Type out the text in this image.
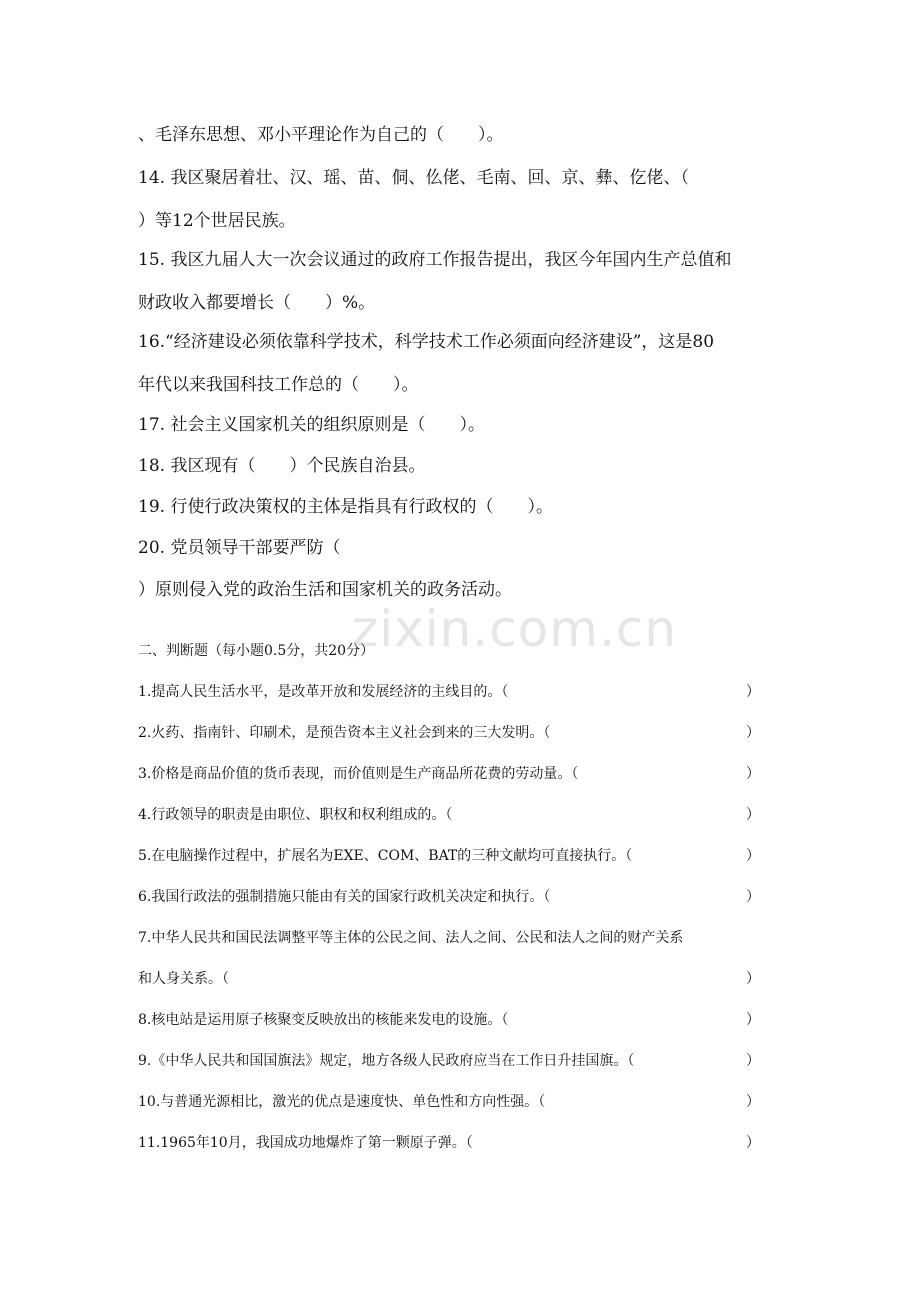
zixin.com.cn
、毛泽东思想、邓小平理论作为自己的（　　）。
14. 我区聚居着壮、汉、瑶、苗、侗、仫佬、毛南、回、京、彝、仡佬、（
）等12个世居民族。
15. 我区九届人大一次会议通过的政府工作报告提出，我区今年国内生产总值和
财政收入都要增长（　　）%。
16.“经济建设必须依靠科学技术，科学技术工作必须面向经济建设”，这是80
年代以来我国科技工作总的（　　）。
17. 社会主义国家机关的组织原则是（　　）。
18. 我区现有（　　）个民族自治县。
19. 行使行政决策权的主体是指具有行政权的（　　）。
20. 党员领导干部要严防（
）原则侵入党的政治生活和国家机关的政务活动。
二、判断题（每小题0.5分，共20分）
1.提高人民生活水平，是改革开放和发展经济的主线目的。（	）
2.火药、指南针、印刷术，是预告资本主义社会到来的三大发明。（	）
3.价格是商品价值的货币表现，而价值则是生产商品所花费的劳动量。（	）
4.行政领导的职责是由职位、职权和权利组成的。（	）
5.在电脑操作过程中，扩展名为EXE、COM、BAT的三种文献均可直接执行。（	）
6.我国行政法的强制措施只能由有关的国家行政机关决定和执行。（	）
7.中华人民共和国民法调整平等主体的公民之间、法人之间、公民和法人之间的财产关系
和人身关系。（	）
8.核电站是运用原子核聚变反映放出的核能来发电的设施。（	）
9.《中华人民共和国国旗法》规定，地方各级人民政府应当在工作日升挂国旗。（	）
10.与普通光源相比，激光的优点是速度快、单色性和方向性强。（	）
11.1965年10月，我国成功地爆炸了第一颗原子弹。（	）
